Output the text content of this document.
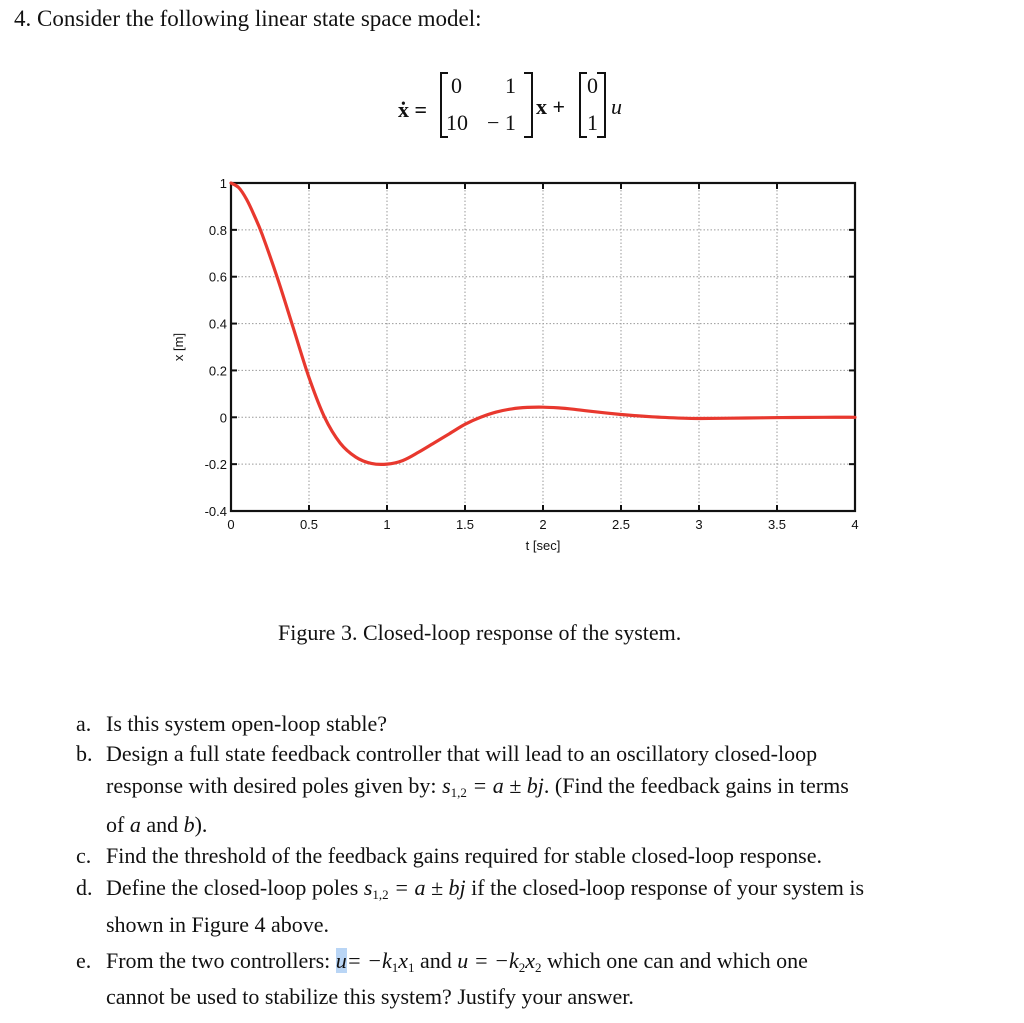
4. Consider the following linear state space model:
ẋ =
0 1
10 − 1
x +
0
1
u
0	0.5	1	1.5	2	2.5	3	3.5	4
1
0.8
0.6
0.4
0.2
0
-0.2
-0.4
t [sec]
x [m]
Figure 3. Closed-loop response of the system.
a. Is this system open-loop stable?
b. Design a full state feedback controller that will lead to an oscillatory closed-loop
response with desired poles given by: $s_{1,2} = a$ ± bj. (Find the feedback gains in terms
of a and b).
c. Find the threshold of the feedback gains required for stable closed-loop response.
d. Define the closed-loop poles $s_{1,2} = a$ ± bj if the closed-loop response of your system is
shown in Figure 4 above.
e. From the two controllers: $u= -k_1x_1$ and $u = -k_2x_2$ which one can and which one
cannot be used to stabilize this system? Justify your answer.
